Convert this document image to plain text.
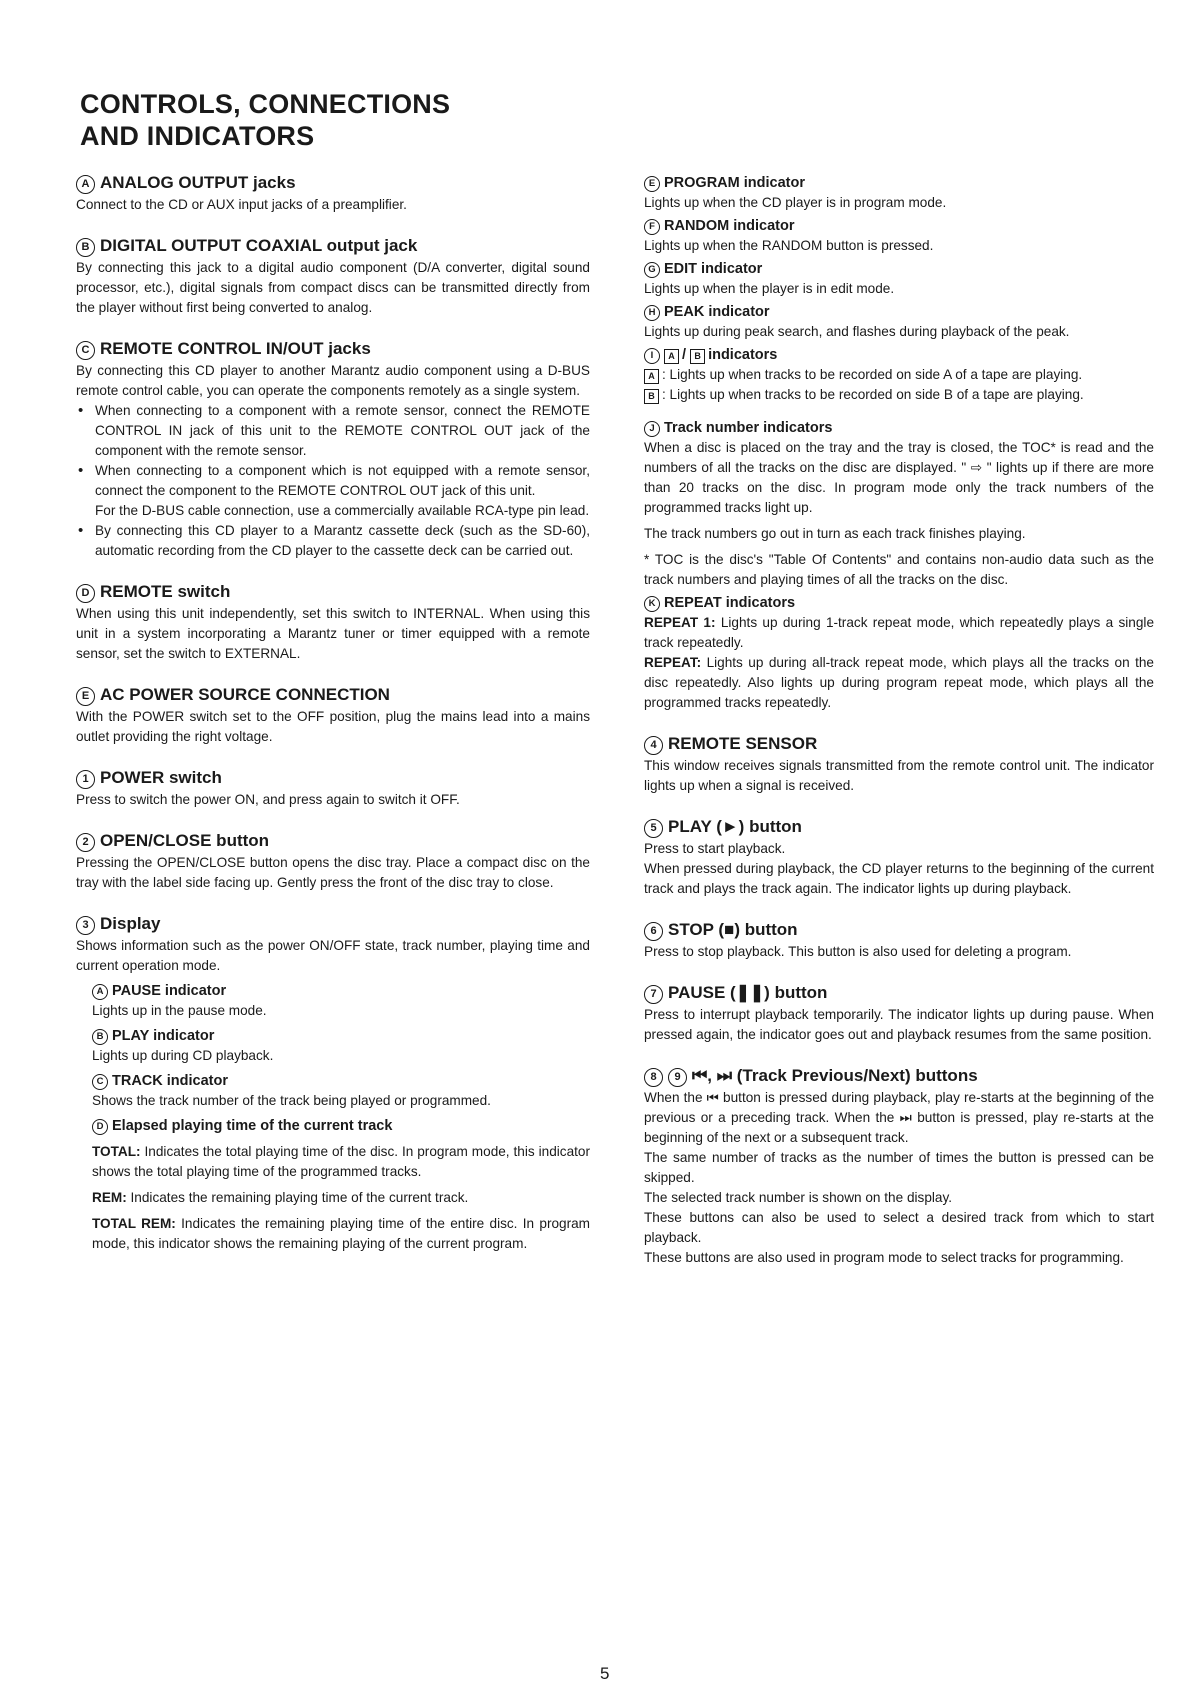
CONTROLS, CONNECTIONS
AND INDICATORS
A ANALOG OUTPUT jacks
Connect to the CD or AUX input jacks of a preamplifier.
B DIGITAL OUTPUT COAXIAL output jack
By connecting this jack to a digital audio component (D/A converter, digital sound processor, etc.), digital signals from compact discs can be transmitted directly from the player without first being converted to analog.
C REMOTE CONTROL IN/OUT jacks
By connecting this CD player to another Marantz audio component using a D-BUS remote control cable, you can operate the components remotely as a single system.
• When connecting to a component with a remote sensor, connect the REMOTE CONTROL IN jack of this unit to the REMOTE CONTROL OUT jack of the component with the remote sensor.
• When connecting to a component which is not equipped with a remote sensor, connect the component to the REMOTE CONTROL OUT jack of this unit.
For the D-BUS cable connection, use a commercially available RCA-type pin lead.
• By connecting this CD player to a Marantz cassette deck (such as the SD-60), automatic recording from the CD player to the cassette deck can be carried out.
D REMOTE switch
When using this unit independently, set this switch to INTERNAL. When using this unit in a system incorporating a Marantz tuner or timer equipped with a remote sensor, set the switch to EXTERNAL.
E AC POWER SOURCE CONNECTION
With the POWER switch set to the OFF position, plug the mains lead into a mains outlet providing the right voltage.
1 POWER switch
Press to switch the power ON, and press again to switch it OFF.
2 OPEN/CLOSE button
Pressing the OPEN/CLOSE button opens the disc tray. Place a compact disc on the tray with the label side facing up. Gently press the front of the disc tray to close.
3 Display
Shows information such as the power ON/OFF state, track number, playing time and current operation mode.
A PAUSE indicator
Lights up in the pause mode.
B PLAY indicator
Lights up during CD playback.
C TRACK indicator
Shows the track number of the track being played or programmed.
D Elapsed playing time of the current track
TOTAL: Indicates the total playing time of the disc. In program mode, this indicator shows the total playing time of the programmed tracks.
REM: Indicates the remaining playing time of the current track.
TOTAL REM: Indicates the remaining playing time of the entire disc. In program mode, this indicator shows the remaining playing of the current program.
E PROGRAM indicator
Lights up when the CD player is in program mode.
F RANDOM indicator
Lights up when the RANDOM button is pressed.
G EDIT indicator
Lights up when the player is in edit mode.
H PEAK indicator
Lights up during peak search, and flashes during playback of the peak.
I A / B indicators
A : Lights up when tracks to be recorded on side A of a tape are playing.
B : Lights up when tracks to be recorded on side B of a tape are playing.
J Track number indicators
When a disc is placed on the tray and the tray is closed, the TOC* is read and the numbers of all the tracks on the disc are displayed. " ⇨ " lights up if there are more than 20 tracks on the disc. In program mode only the track numbers of the programmed tracks light up.
The track numbers go out in turn as each track finishes playing.
* TOC is the disc's "Table Of Contents" and contains non-audio data such as the track numbers and playing times of all the tracks on the disc.
K REPEAT indicators
REPEAT 1: Lights up during 1-track repeat mode, which repeatedly plays a single track repeatedly.
REPEAT: Lights up during all-track repeat mode, which plays all the tracks on the disc repeatedly. Also lights up during program repeat mode, which plays all the programmed tracks repeatedly.
4 REMOTE SENSOR
This window receives signals transmitted from the remote control unit. The indicator lights up when a signal is received.
5 PLAY (►) button
Press to start playback.
When pressed during playback, the CD player returns to the beginning of the current track and plays the track again. The indicator lights up during playback.
6 STOP (■) button
Press to stop playback. This button is also used for deleting a program.
7 PAUSE (❚❚) button
Press to interrupt playback temporarily. The indicator lights up during pause. When pressed again, the indicator goes out and playback resumes from the same position.
8 9 ⏮, ⏭ (Track Previous/Next) buttons
When the ⏮ button is pressed during playback, play re-starts at the beginning of the previous or a preceding track. When the ⏭ button is pressed, play re-starts at the beginning of the next or a subsequent track.
The same number of tracks as the number of times the button is pressed can be skipped.
The selected track number is shown on the display.
These buttons can also be used to select a desired track from which to start playback.
These buttons are also used in program mode to select tracks for programming.
5
